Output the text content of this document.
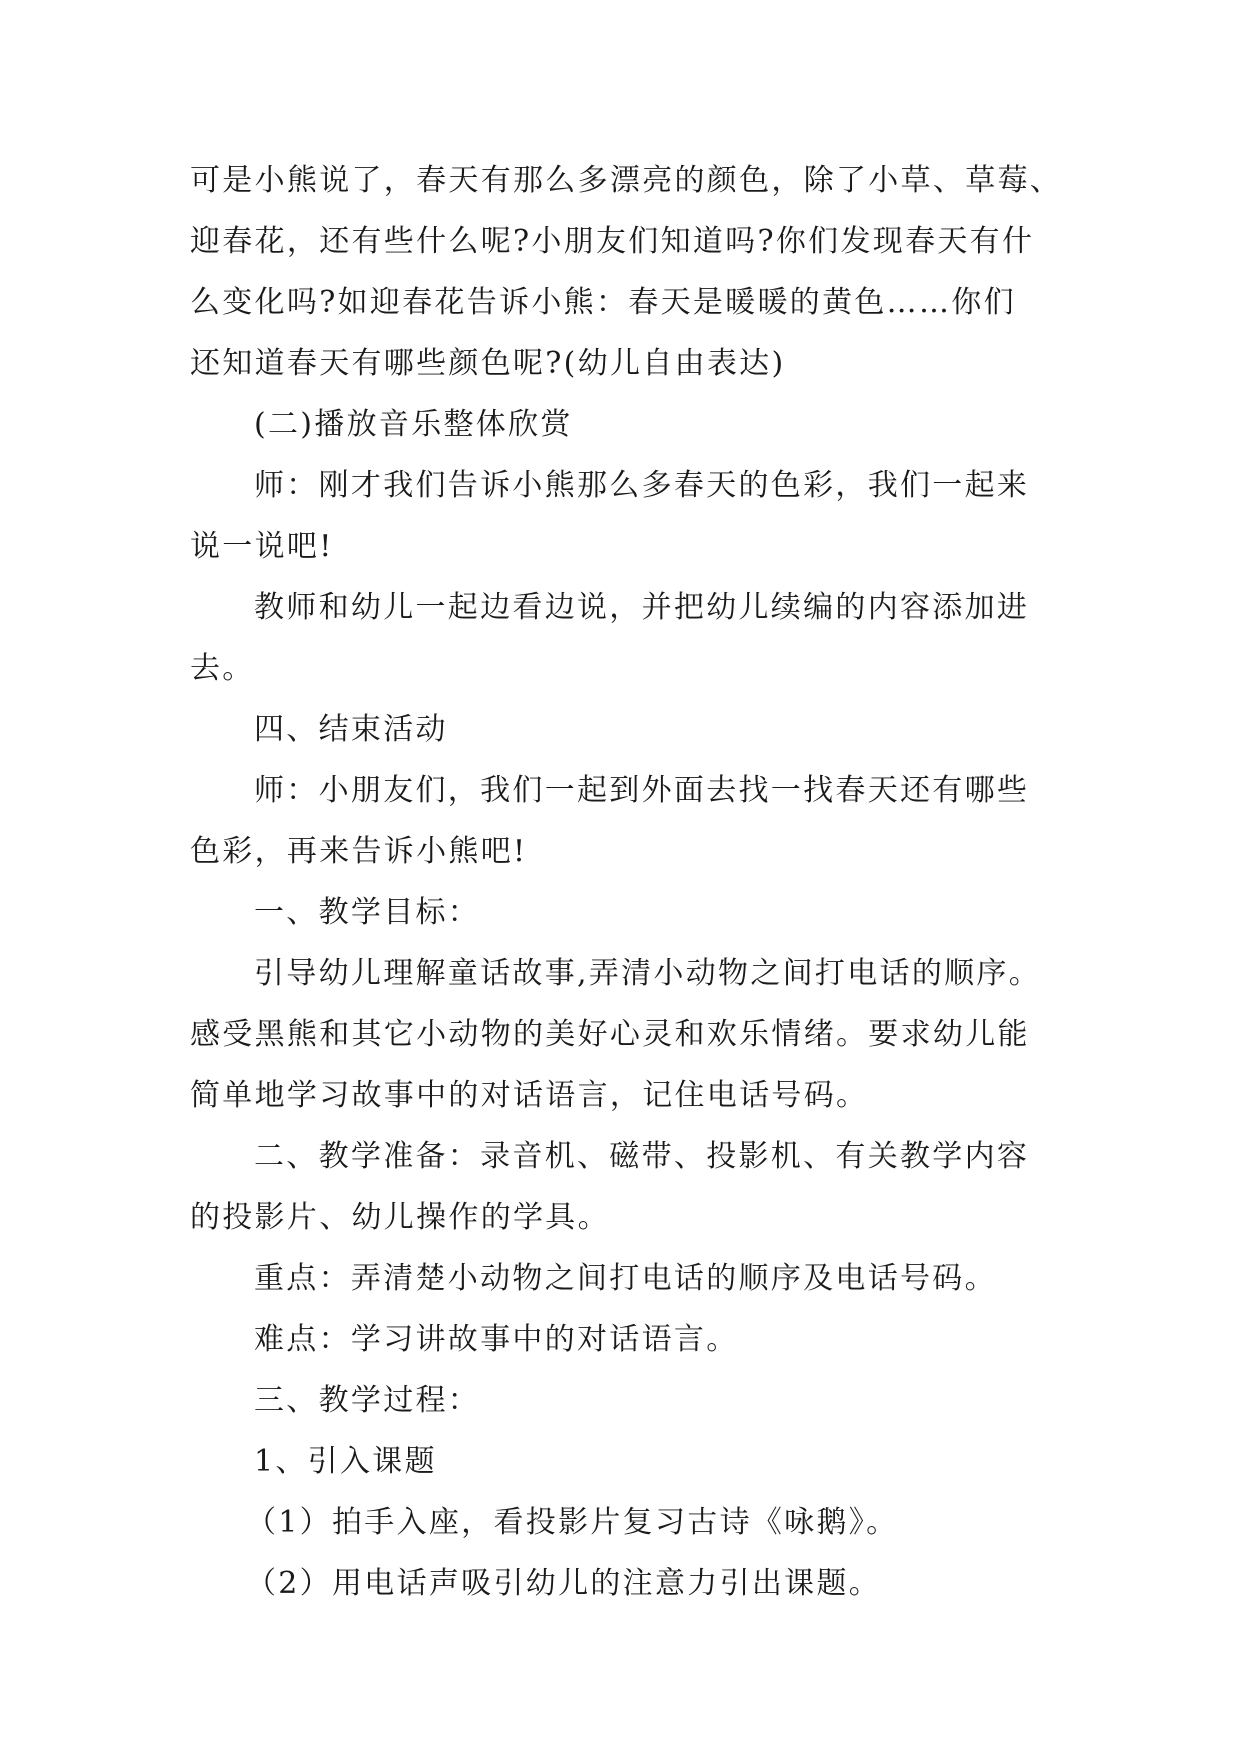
可是小熊说了，春天有那么多漂亮的颜色，除了小草、草莓、
迎春花，还有些什么呢?小朋友们知道吗?你们发现春天有什
么变化吗?如迎春花告诉小熊：春天是暖暖的黄色……你们
还知道春天有哪些颜色呢?(幼儿自由表达)
(二)播放音乐整体欣赏
师：刚才我们告诉小熊那么多春天的色彩，我们一起来
说一说吧!
教师和幼儿一起边看边说，并把幼儿续编的内容添加进
去。
四、结束活动
师：小朋友们，我们一起到外面去找一找春天还有哪些
色彩，再来告诉小熊吧!
一、教学目标：
引导幼儿理解童话故事,弄清小动物之间打电话的顺序。
感受黑熊和其它小动物的美好心灵和欢乐情绪。要求幼儿能
简单地学习故事中的对话语言，记住电话号码。
二、教学准备：录音机、磁带、投影机、有关教学内容
的投影片、幼儿操作的学具。
重点：弄清楚小动物之间打电话的顺序及电话号码。
难点：学习讲故事中的对话语言。
三、教学过程：
1、引入课题
（1）拍手入座，看投影片复习古诗《咏鹅》。
（2）用电话声吸引幼儿的注意力引出课题。
